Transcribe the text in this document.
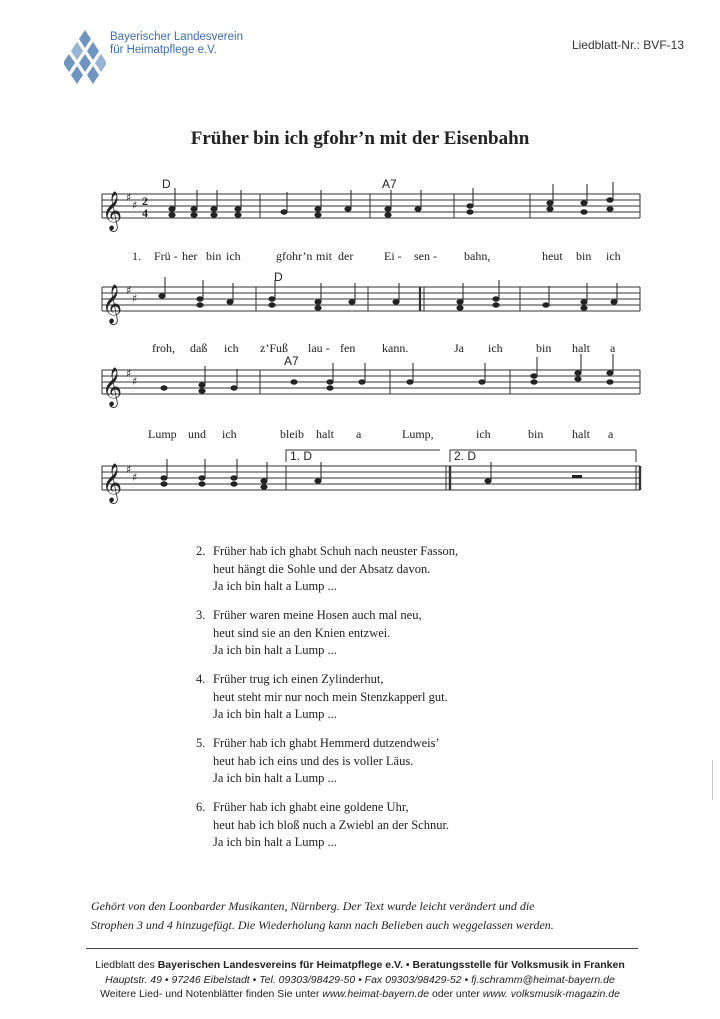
Bayerischer Landesverein
für Heimatpflege e.V.	Liedblatt-Nr.: BVF-13
Früher bin ich gfohr’n mit der Eisenbahn
𝄞
𝄞
𝄞
𝄞
♯
♯
♯
♯
♯
♯
♯
♯
2
4
D	A7
D
A7
1. D	2. D
1. Frü - her bin ich	gfohr’n mit der	Ei - sen - bahn,	heut bin ich
froh, daß ich z’Fuß lau - fen kann.	Ja ich	bin halt a
Lump und ich	bleib halt a	Lump,	ich	bin halt a
2. Früher hab ich ghabt Schuh nach neuster Fasson,
heut hängt die Sohle und der Absatz davon.
Ja ich bin halt a Lump ...
3. Früher waren meine Hosen auch mal neu,
heut sind sie an den Knien entzwei.
Ja ich bin halt a Lump ...
4. Früher trug ich einen Zylinderhut,
heut steht mir nur noch mein Stenzkapperl gut.
Ja ich bin halt a Lump ...
5. Früher hab ich ghabt Hemmerd dutzendweis’
heut hab ich eins und des is voller Läus.
Ja ich bin halt a Lump ...
6. Früher hab ich ghabt eine goldene Uhr,
heut hab ich bloß nuch a Zwiebl an der Schnur.
Ja ich bin halt a Lump ...
Gehört von den Loonbarder Musikanten, Nürnberg. Der Text wurde leicht verändert und die
Strophen 3 und 4 hinzugefügt. Die Wiederholung kann nach Belieben auch weggelassen werden.
Liedblatt des Bayerischen Landesvereins für Heimatpflege e.V. • Beratungsstelle für Volksmusik in Franken
Hauptstr. 49 • 97246 Eibelstadt • Tel. 09303/98429-50 • Fax 09303/98429-52 • fj.schramm@heimat-bayern.de
Weitere Lied- und Notenblätter finden Sie unter www.heimat-bayern.de oder unter www. volksmusik-magazin.de
